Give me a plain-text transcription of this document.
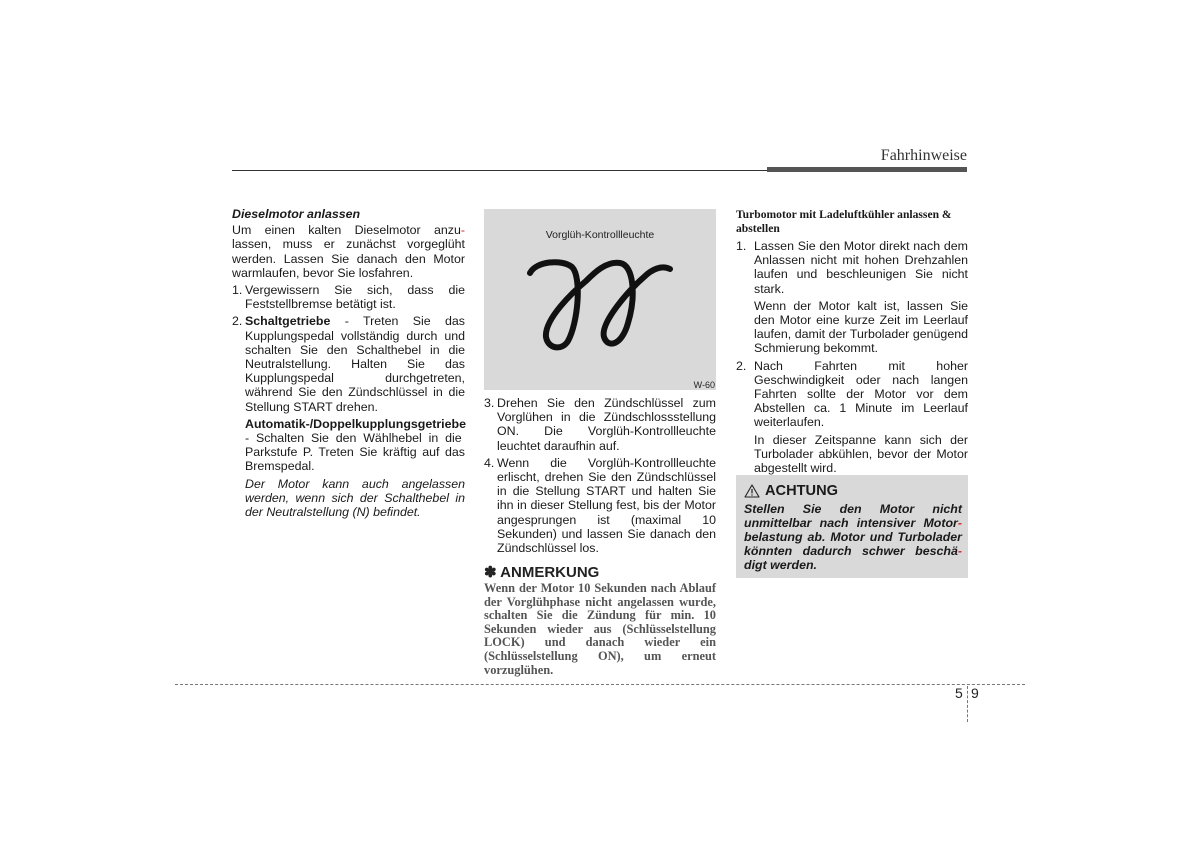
Fahrhinweise

Dieselmotor anlassen

Um einen kalten Dieselmotor anzu- lassen, muss er zunächst vorgeglüht werden. Lassen Sie danach den Motor warmlaufen, bevor Sie losfahren.

1. Vergewissern Sie sich, dass die Feststellbremse betätigt ist.
2. Schaltgetriebe - Treten Sie das Kupplungspedal vollständig durch und schalten Sie den Schalthebel in die Neutralstellung. Halten Sie das Kupplungspedal durchgetreten, während Sie den Zündschlüssel in die Stellung START drehen.

Automatik-/Doppelkupplungsgetriebe - Schalten Sie den Wählhebel in die Parkstufe P. Treten Sie kräftig auf das Bremspedal.

Der Motor kann auch angelassen werden, wenn sich der Schalthebel in der Neutralstellung (N) befindet.

Vorglüh-Kontrollleuchte
W-60
3. Drehen Sie den Zündschlüssel zum Vorglühen in die Zündschlossstellung ON. Die Vorglüh-Kontrollleuchte leuchtet daraufhin auf.
4. Wenn die Vorglüh-Kontrollleuchte erlischt, drehen Sie den Zündschlüssel in die Stellung START und halten Sie ihn in dieser Stellung fest, bis der Motor angesprungen ist (maximal 10 Sekunden) und lassen Sie danach den Zündschlüssel los.
✽ ANMERKUNG
Wenn der Motor 10 Sekunden nach Ablauf der Vorglühphase nicht angelassen wurde, schalten Sie die Zündung für min. 10 Sekunden wieder aus (Schlüsselstellung LOCK) und danach wieder ein (Schlüsselstellung ON), um erneut vorzuglühen.

Turbomotor mit Ladeluftkühler anlassen & abstellen

1. Lassen Sie den Motor direkt nach dem Anlassen nicht mit hohen Drehzahlen laufen und beschleunigen Sie nicht stark.

Wenn der Motor kalt ist, lassen Sie den Motor eine kurze Zeit im Leerlauf laufen, damit der Turbolader genügend Schmierung bekommt.

2. Nach Fahrten mit hoher Geschwindigkeit oder nach langen Fahrten sollte der Motor vor dem Abstellen ca. 1 Minute im Leerlauf weiterlaufen.

In dieser Zeitspanne kann sich der Turbolader abkühlen, bevor der Motor abgestellt wird.

ACHTUNG
Stellen Sie den Motor nicht unmittelbar nach intensiver Motor- belastung ab. Motor und Turbolader könnten dadurch schwer beschä- digt werden.
5 9
